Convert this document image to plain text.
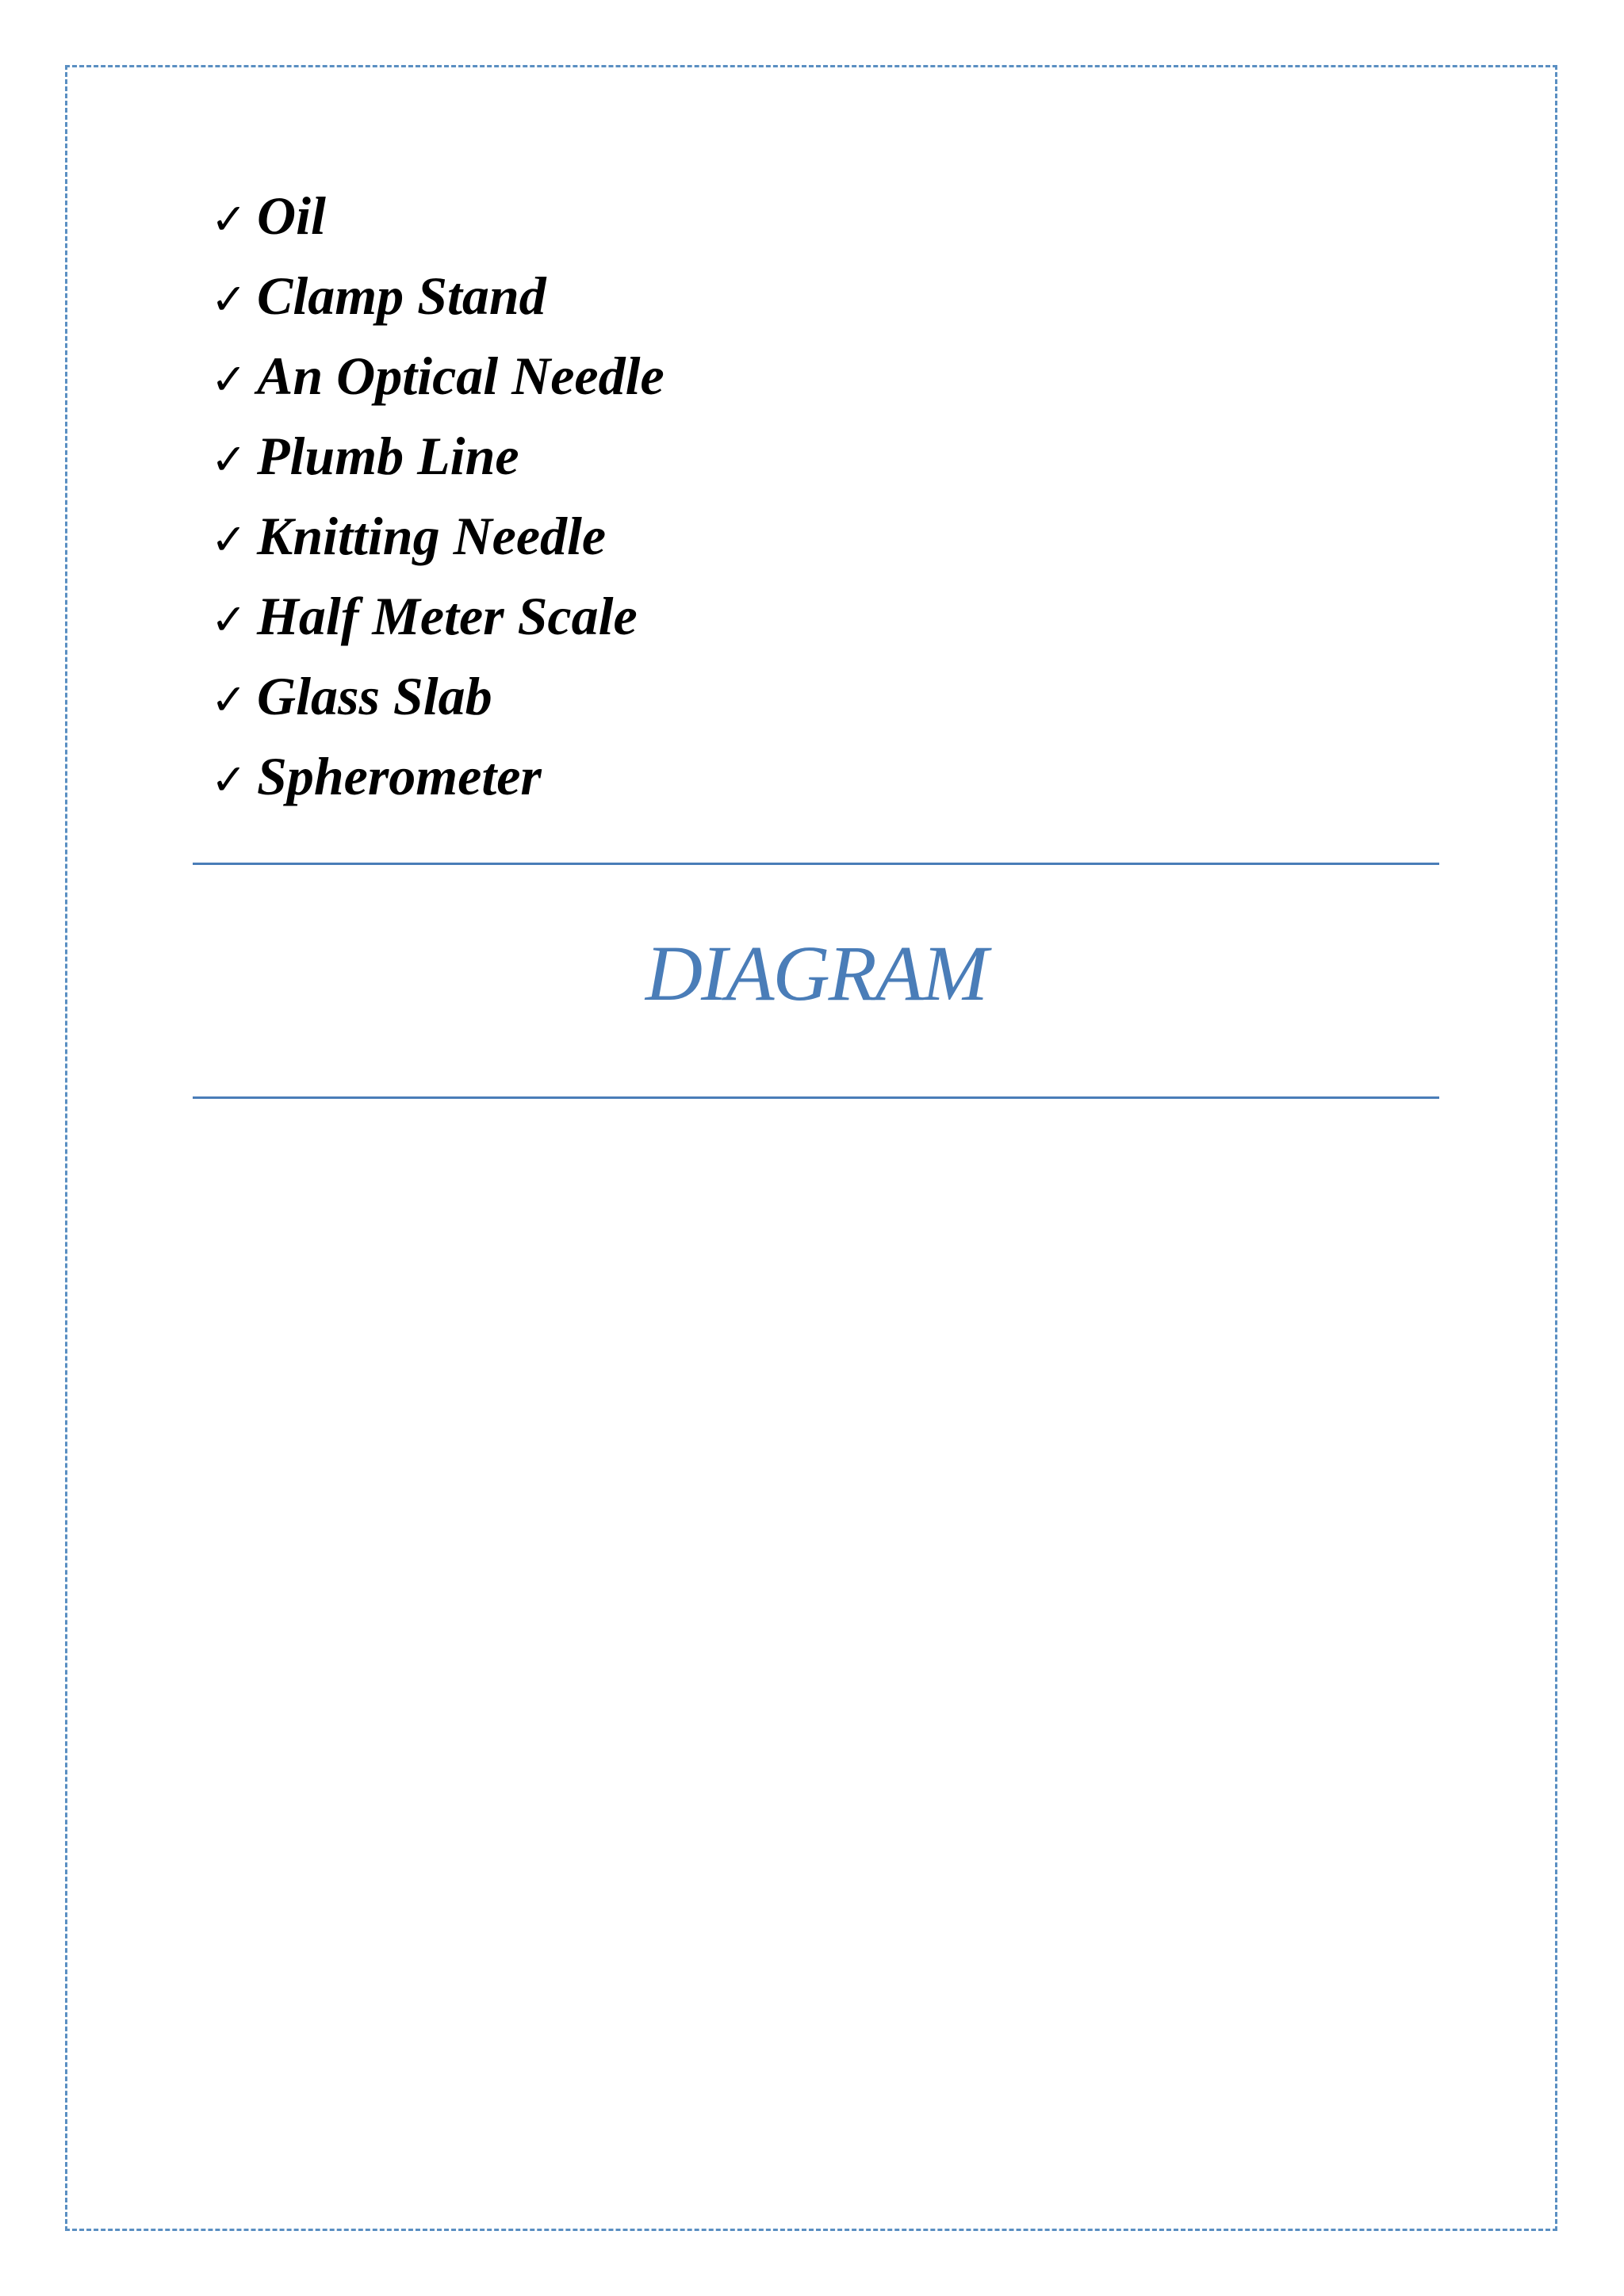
✓ Oil
✓ Clamp Stand
✓ An Optical Needle
✓ Plumb Line
✓ Knitting Needle
✓ Half Meter Scale
✓ Glass Slab
✓ Spherometer
DIAGRAM
